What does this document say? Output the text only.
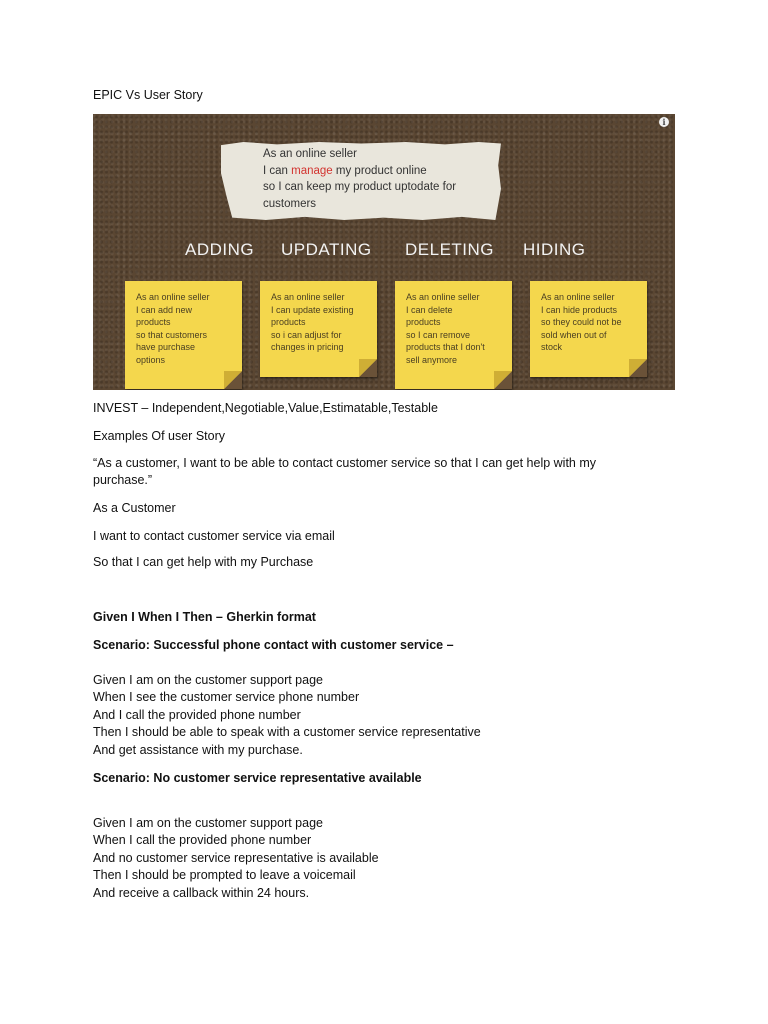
EPIC Vs User Story
i
As an online seller
I can manage my product online
so I can keep my product uptodate for
customers
ADDING UPDATING DELETING HIDING
As an online seller
I can add new
products
so that customers
have purchase
options
As an online seller
I can update existing
products
so i can adjust for
changes in pricing
As an online seller
I can delete
products
so I can remove
products that I don't
sell anymore
As an online seller
I can hide products
so they could not be
sold when out of
stock
INVEST – Independent,Negotiable,Value,Estimatable,Testable
Examples Of user Story
“As a customer, I want to be able to contact customer service so that I can get help with my purchase.”
As a Customer
I want to contact customer service via email
So that I can get help with my Purchase
Given I When I Then – Gherkin format
Scenario: Successful phone contact with customer service –
Given I am on the customer support page
When I see the customer service phone number
And I call the provided phone number
Then I should be able to speak with a customer service representative
And get assistance with my purchase.
Scenario: No customer service representative available
Given I am on the customer support page
When I call the provided phone number
And no customer service representative is available
Then I should be prompted to leave a voicemail
And receive a callback within 24 hours.
